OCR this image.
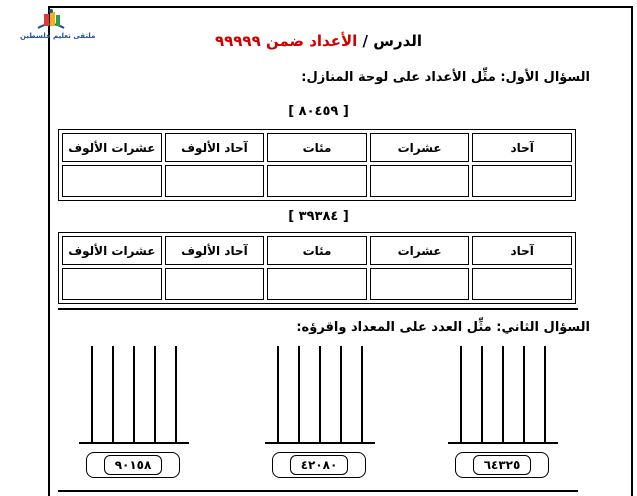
ملتقى تعليم فلسطين	الدرس / الأعداد ضمن ٩٩٩٩٩
السؤال الأول: مثِّل الأعداد على لوحة المنازل:
[ ٨٠٤٥٩ ]
آحاد	عشرات	مئات	آحاد الألوف	عشرات الألوف

[ ٣٩٣٨٤ ]
آحاد	عشرات	مئات	آحاد الألوف	عشرات الألوف

السؤال الثاني: مثِّل العدد على المعداد واقرؤه:
٦٤٣٢٥
٤٢٠٨٠
٩٠١٥٨
